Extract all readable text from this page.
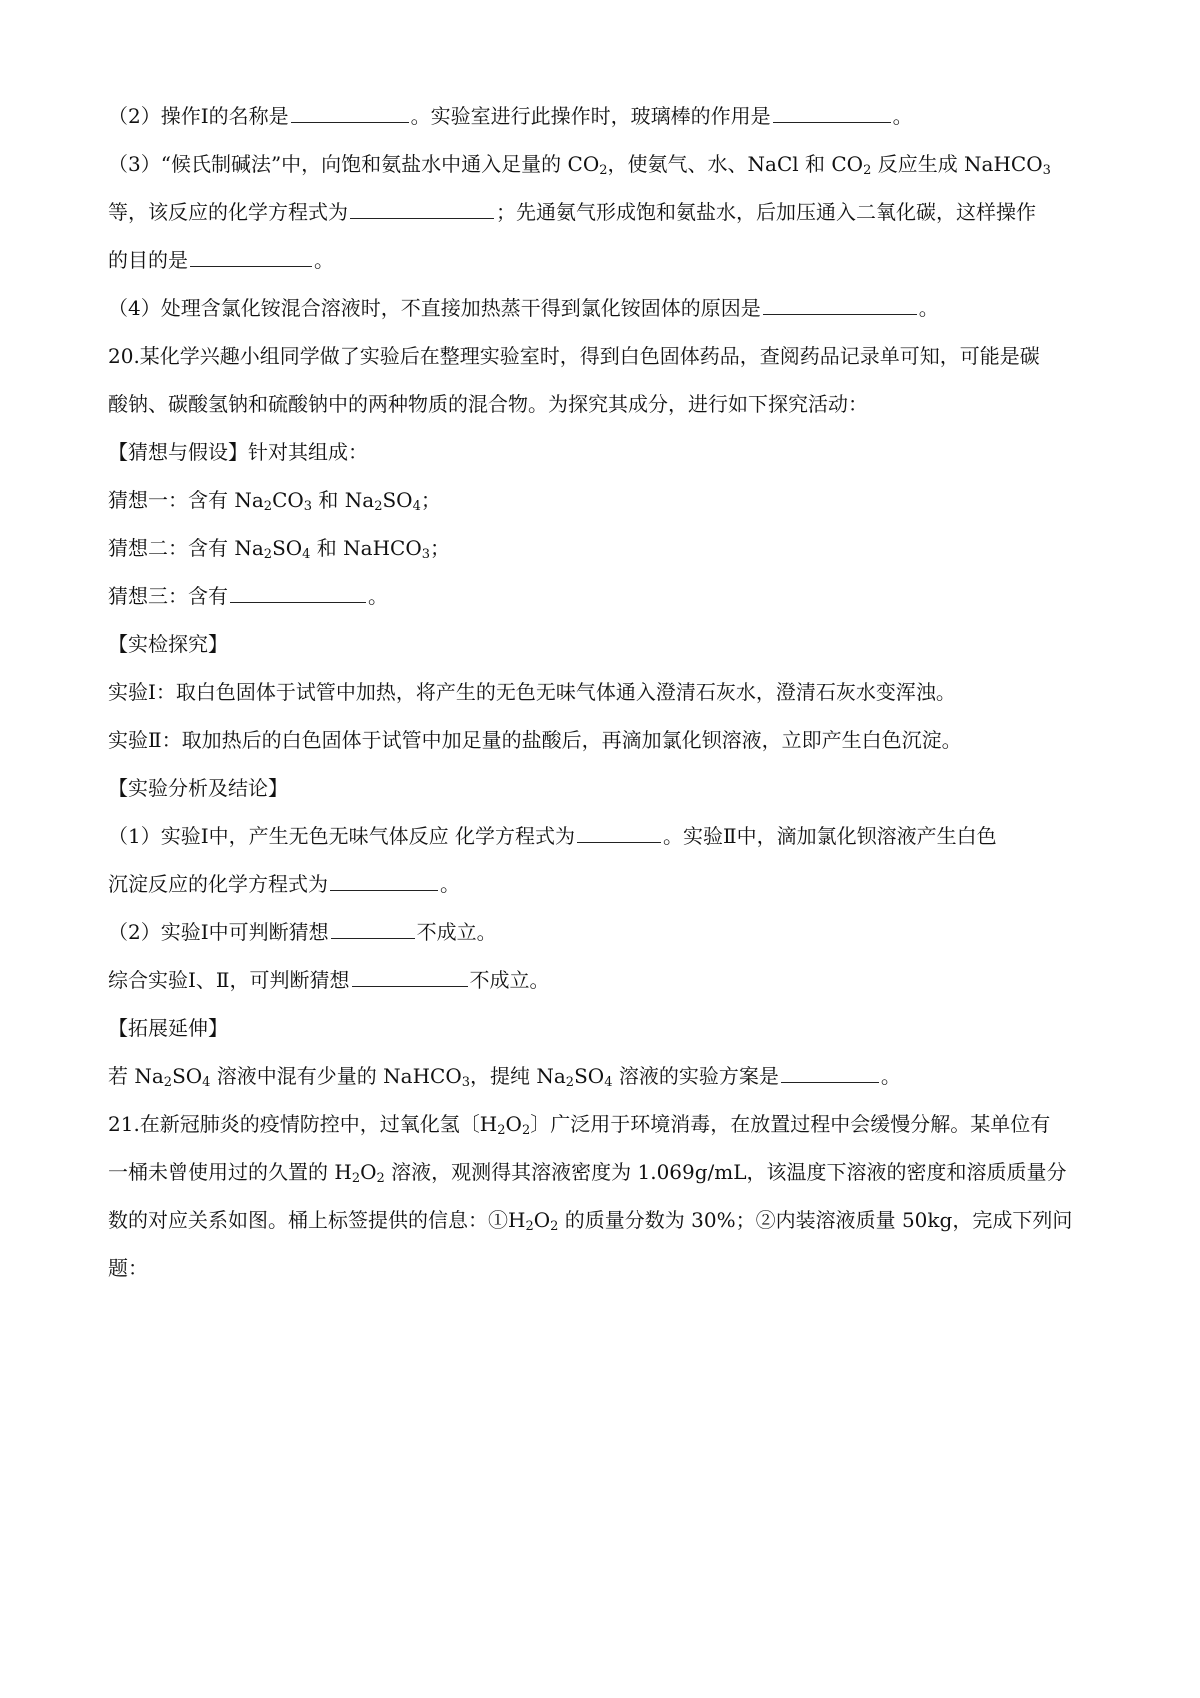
（2）操作Ⅰ的名称是	。实验室进行此操作时，玻璃棒的作用是	。
（3）“候氏制碱法”中，向饱和氨盐水中通入足量的 $CO_2$，使氨气、水、NaCl 和 $CO_2$ 反应生成 NaHCO$_3$
等，该反应的化学方程式为	；先通氨气形成饱和氨盐水，后加压通入二氧化碳，这样操作
的目的是	。
（4）处理含氯化铵混合溶液时，不直接加热蒸干得到氯化铵固体的原因是	。
20.某化学兴趣小组同学做了实验后在整理实验室时，得到白色固体药品，查阅药品记录单可知，可能是碳
酸钠、碳酸氢钠和硫酸钠中的两种物质的混合物。为探究其成分，进行如下探究活动：
【猜想与假设】针对其组成：
猜想一：含有 $Na_2CO_3$ 和 $Na_2SO_4$；
猜想二：含有 $Na_2SO_4$ 和 NaHCO$_3$；
猜想三：含有	。
【实检探究】
实验Ⅰ：取白色固体于试管中加热，将产生的无色无味气体通入澄清石灰水，澄清石灰水变浑浊。
实验Ⅱ：取加热后的白色固体于试管中加足量的盐酸后，再滴加氯化钡溶液，立即产生白色沉淀。
【实验分析及结论】
（1）实验Ⅰ中，产生无色无味气体反应 化学方程式为	。实验Ⅱ中，滴加氯化钡溶液产生白色
沉淀反应的化学方程式为	。
（2）实验Ⅰ中可判断猜想	不成立。
综合实验Ⅰ、Ⅱ，可判断猜想	不成立。
【拓展延伸】
若 $Na_2SO_4$ 溶液中混有少量的 NaHCO$_3$，提纯 $Na_2SO_4$ 溶液的实验方案是	。
21.在新冠肺炎的疫情防控中，过氧化氢〔$H_2O_2$〕广泛用于环境消毒，在放置过程中会缓慢分解。某单位有
一桶未曾使用过的久置的 $H_2O_2$ 溶液，观测得其溶液密度为 1.069g/mL，该温度下溶液的密度和溶质质量分
数的对应关系如图。桶上标签提供的信息：$①H_2O_2$ 的质量分数为 30%；②内装溶液质量 50kg，完成下列问
题：
